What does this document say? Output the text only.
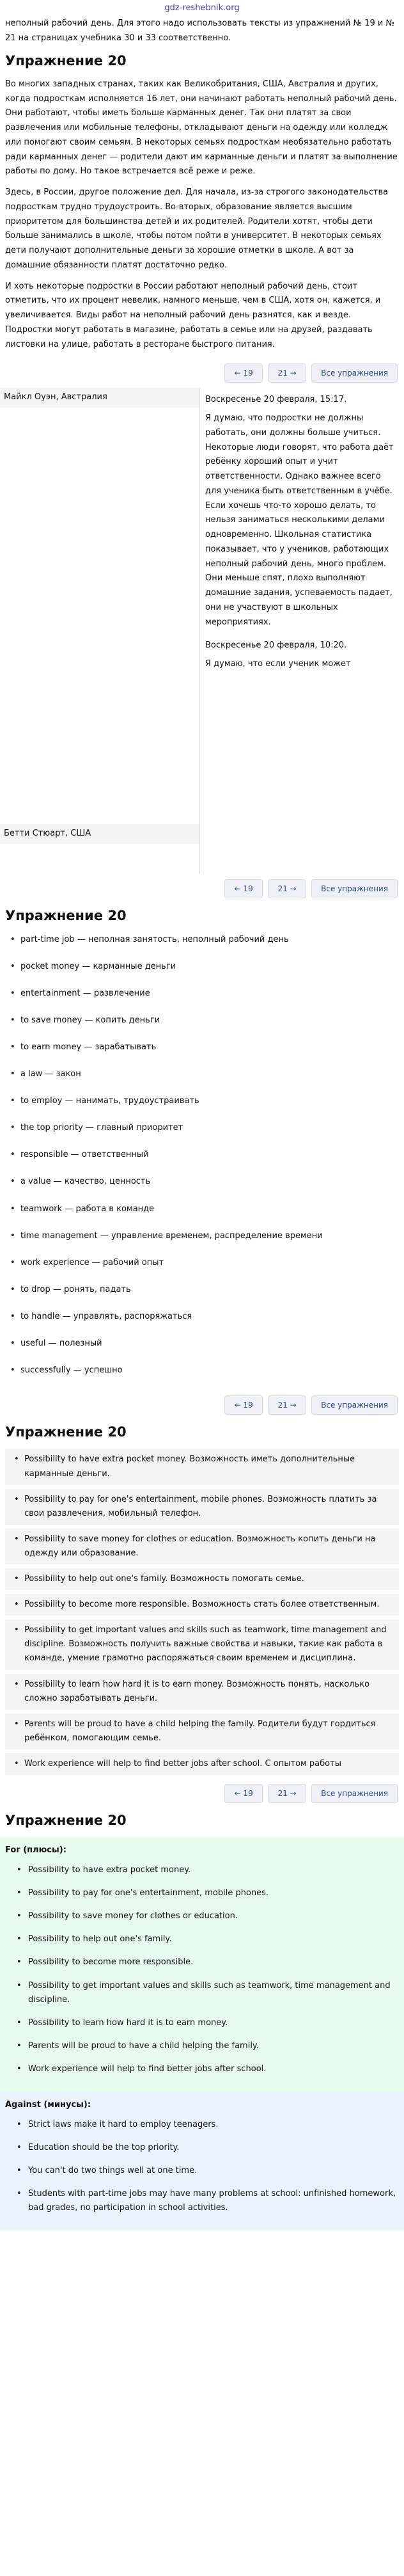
gdz-reshebnik.org

неполный рабочий день. Для этого надо использовать тексты из упражнений № 19 и № 21 на страницах учебника 30 и 33 соответственно.

Упражнение 20

Во многих западных странах, таких как Великобритания, США, Австралия и других, когда подросткам исполняется 16 лет, они начинают работать неполный рабочий день. Они работают, чтобы иметь больше карманных денег. Так они платят за свои развлечения или мобильные телефоны, откладывают деньги на одежду или колледж или помогают своим семьям. В некоторых семьях подросткам необязательно работать ради карманных денег — родители дают им карманные деньги и платят за выполнение работы по дому. Но такое встречается всё реже и реже.

Здесь, в России, другое положение дел. Для начала, из-за строгого законодательства подросткам трудно трудоустроить. Во-вторых, образование является высшим приоритетом для большинства детей и их родителей. Родители хотят, чтобы дети больше занимались в школе, чтобы потом пойти в университет. В некоторых семьях дети получают дополнительные деньги за хорошие отметки в школе. А вот за домашние обязанности платят достаточно редко.

И хоть некоторые подростки в России работают неполный рабочий день, стоит отметить, что их процент невелик, намного меньше, чем в США, хотя он, кажется, и увеличивается. Виды работ на неполный рабочий день разнятся, как и везде. Подростки могут работать в магазине, работать в семье или на друзей, раздавать листовки на улице, работать в ресторане быстрого питания.

← 19	21 →	Все упражнения
Майкл Оуэн, Австралия	Воскресенье 20 февраля, 15:17.
Я думаю, что подростки не должны работать, они должны больше учиться. Некоторые люди говорят, что работа даёт ребёнку хороший опыт и учит ответственности. Однако важнее всего для ученика быть ответственным в учёбе. Если хочешь что-то хорошо делать, то нельзя заниматься несколькими делами одновременно. Школьная статистика показывает, что у учеников, работающих неполный рабочий день, много проблем. Они меньше спят, плохо выполняют домашние задания, успеваемость падает, они не участвуют в школьных мероприятиях.
Воскресенье 20 февраля, 10:20.
Я думаю, что если ученик может
Бетти Стюарт, США
← 19	21 →	Все упражнения
Упражнение 20
• part-time job — неполная занятость, неполный рабочий день
• pocket money — карманные деньги
• entertainment — развлечение
• to save money — копить деньги
• to earn money — зарабатывать
• a law — закон
• to employ — нанимать, трудоустраивать
• the top priority — главный приоритет
• responsible — ответственный
• a value — качество, ценность
• teamwork — работа в команде
• time management — управление временем, распределение времени
• work experience — рабочий опыт
• to drop — ронять, падать
• to handle — управлять, распоряжаться
• useful — полезный
• successfully — успешно
← 19	21 →	Все упражнения
Упражнение 20
• Possibility to have extra pocket money. Возможность иметь дополнительные карманные деньги.
• Possibility to pay for one's entertainment, mobile phones. Возможность платить за свои развлечения, мобильный телефон.
• Possibility to save money for clothes or education. Возможность копить деньги на одежду или образование.
• Possibility to help out one's family. Возможность помогать семье.
• Possibility to become more responsible. Возможность стать более ответственным.
• Possibility to get important values and skills such as teamwork, time management and discipline. Возможность получить важные свойства и навыки, такие как работа в команде, умение грамотно распоряжаться своим временем и дисциплина.
• Possibility to learn how hard it is to earn money. Возможность понять, насколько сложно зарабатывать деньги.
• Parents will be proud to have a child helping the family. Родители будут гордиться ребёнком, помогающим семье.
• Work experience will help to find better jobs after school. С опытом работы
← 19	21 →	Все упражнения
Упражнение 20
For (плюсы):
• Possibility to have extra pocket money.
• Possibility to pay for one's entertainment, mobile phones.
• Possibility to save money for clothes or education.
• Possibility to help out one's family.
• Possibility to become more responsible.
• Possibility to get important values and skills such as teamwork, time management and discipline.
• Possibility to learn how hard it is to earn money.
• Parents will be proud to have a child helping the family.
• Work experience will help to find better jobs after school.
Against (минусы):
• Strict laws make it hard to employ teenagers.
• Education should be the top priority.
• You can't do two things well at one time.
• Students with part-time jobs may have many problems at school: unfinished homework, bad grades, no participation in school activities.
